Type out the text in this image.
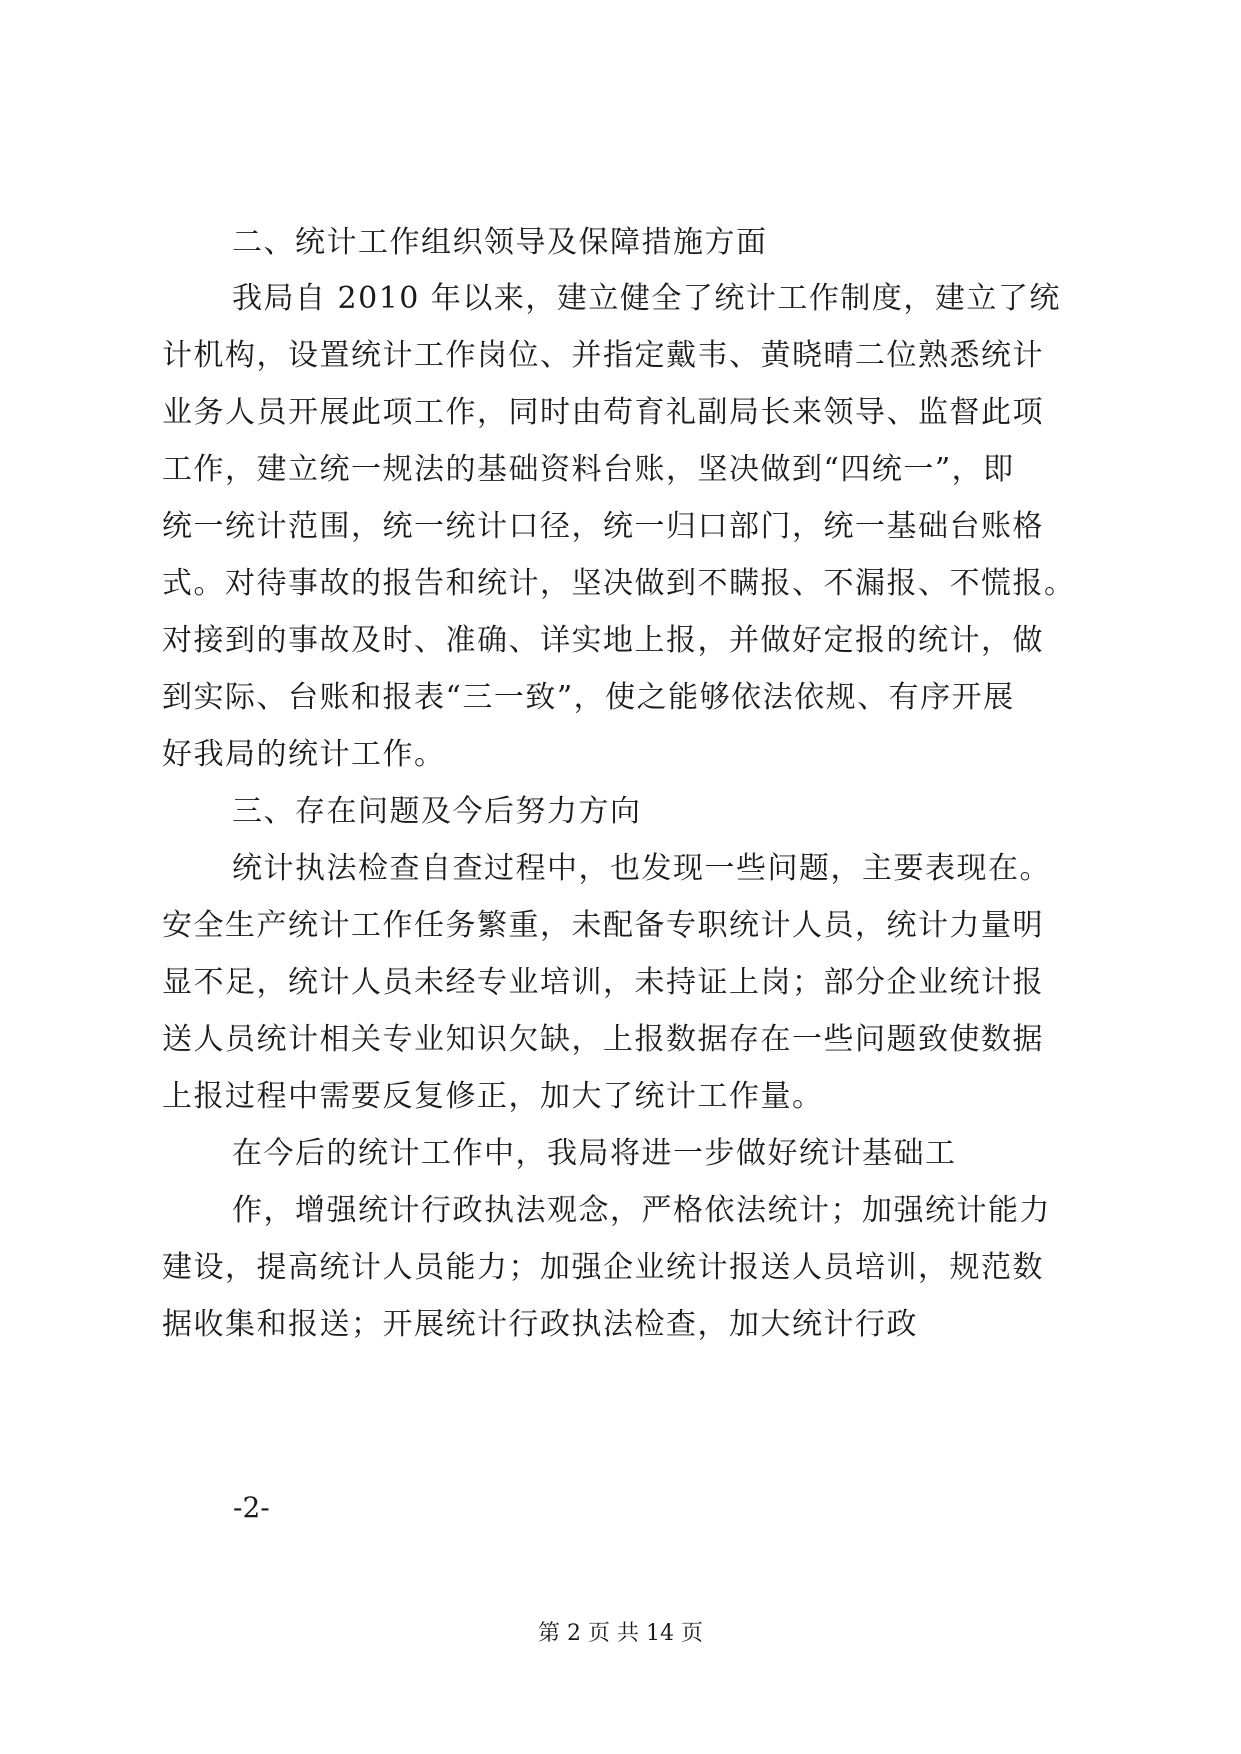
二、统计工作组织领导及保障措施方面
我局自 2010 年以来，建立健全了统计工作制度，建立了统
计机构，设置统计工作岗位、并指定戴韦、黄晓晴二位熟悉统计
业务人员开展此项工作，同时由苟育礼副局长来领导、监督此项
工作，建立统一规法的基础资料台账，坚决做到“四统一”，即
统一统计范围，统一统计口径，统一归口部门，统一基础台账格
式。对待事故的报告和统计，坚决做到不瞒报、不漏报、不慌报。
对接到的事故及时、准确、详实地上报，并做好定报的统计，做
到实际、台账和报表“三一致”，使之能够依法依规、有序开展
好我局的统计工作。
三、存在问题及今后努力方向
统计执法检查自查过程中，也发现一些问题，主要表现在。
安全生产统计工作任务繁重，未配备专职统计人员，统计力量明
显不足，统计人员未经专业培训，未持证上岗；部分企业统计报
送人员统计相关专业知识欠缺，上报数据存在一些问题致使数据
上报过程中需要反复修正，加大了统计工作量。
在今后的统计工作中，我局将进一步做好统计基础工
作，增强统计行政执法观念，严格依法统计；加强统计能力
建设，提高统计人员能力；加强企业统计报送人员培训，规范数
据收集和报送；开展统计行政执法检查，加大统计行政
-2-
第 2 页 共 14 页
